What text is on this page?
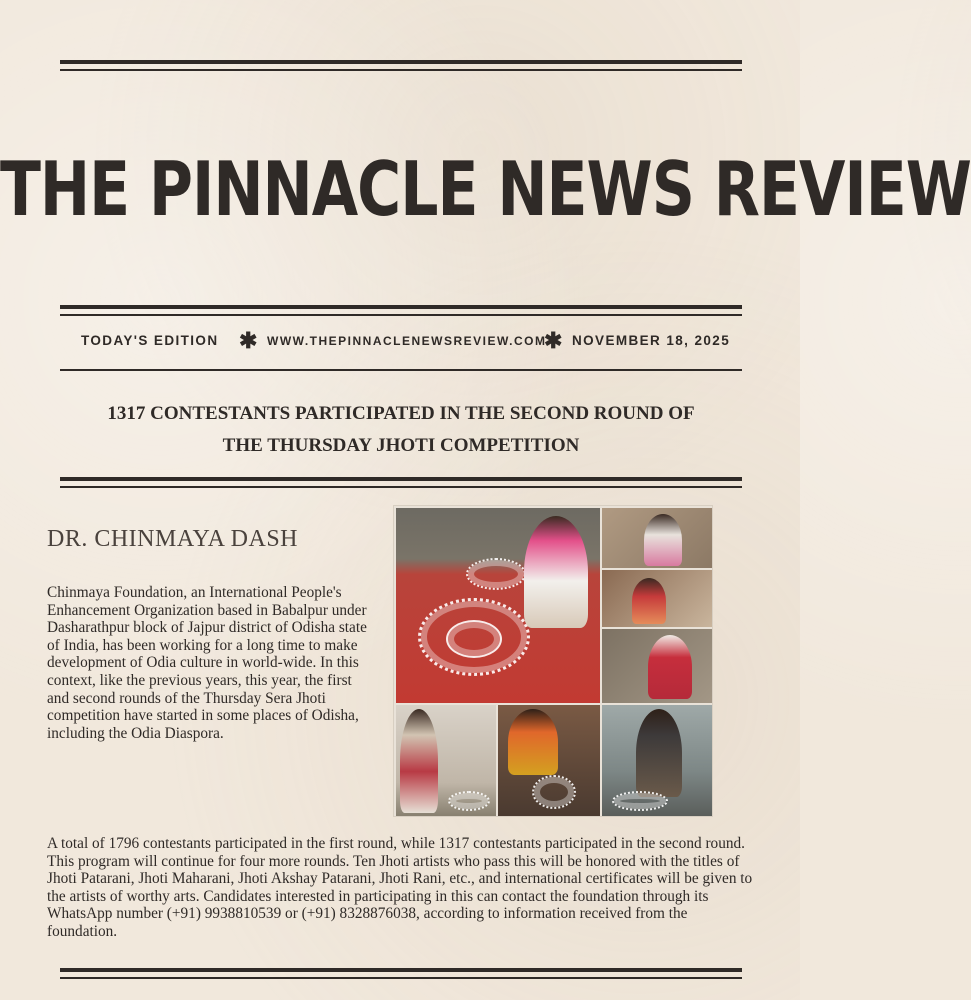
THE PINNACLE NEWS REVIEW
TODAY'S EDITION ✱ WWW.THEPINNACLENEWSREVIEW.COM
✱ NOVEMBER 18, 2025
1317 CONTESTANTS PARTICIPATED IN THE SECOND ROUND OF
THE THURSDAY JHOTI COMPETITION
DR. CHINMAYA DASH

Chinmaya Foundation, an International People's Enhancement Organization based in Babalpur under Dasharathpur block of Jajpur district of Odisha state of India, has been working for a long time to make development of Odia culture in world-wide. In this context, like the previous years, this year, the first and second rounds of the Thursday Sera Jhoti competition have started in some places of Odisha, including the Odia Diaspora.

A total of 1796 contestants participated in the first round, while 1317 contestants participated in the second round. This program will continue for four more rounds. Ten Jhoti artists who pass this will be honored with the titles of Jhoti Patarani, Jhoti Maharani, Jhoti Akshay Patarani, Jhoti Rani, etc., and international certificates will be given to the artists of worthy arts. Candidates interested in participating in this can contact the foundation through its WhatsApp number (+91) 9938810539 or (+91) 8328876038, according to information received from the foundation.
